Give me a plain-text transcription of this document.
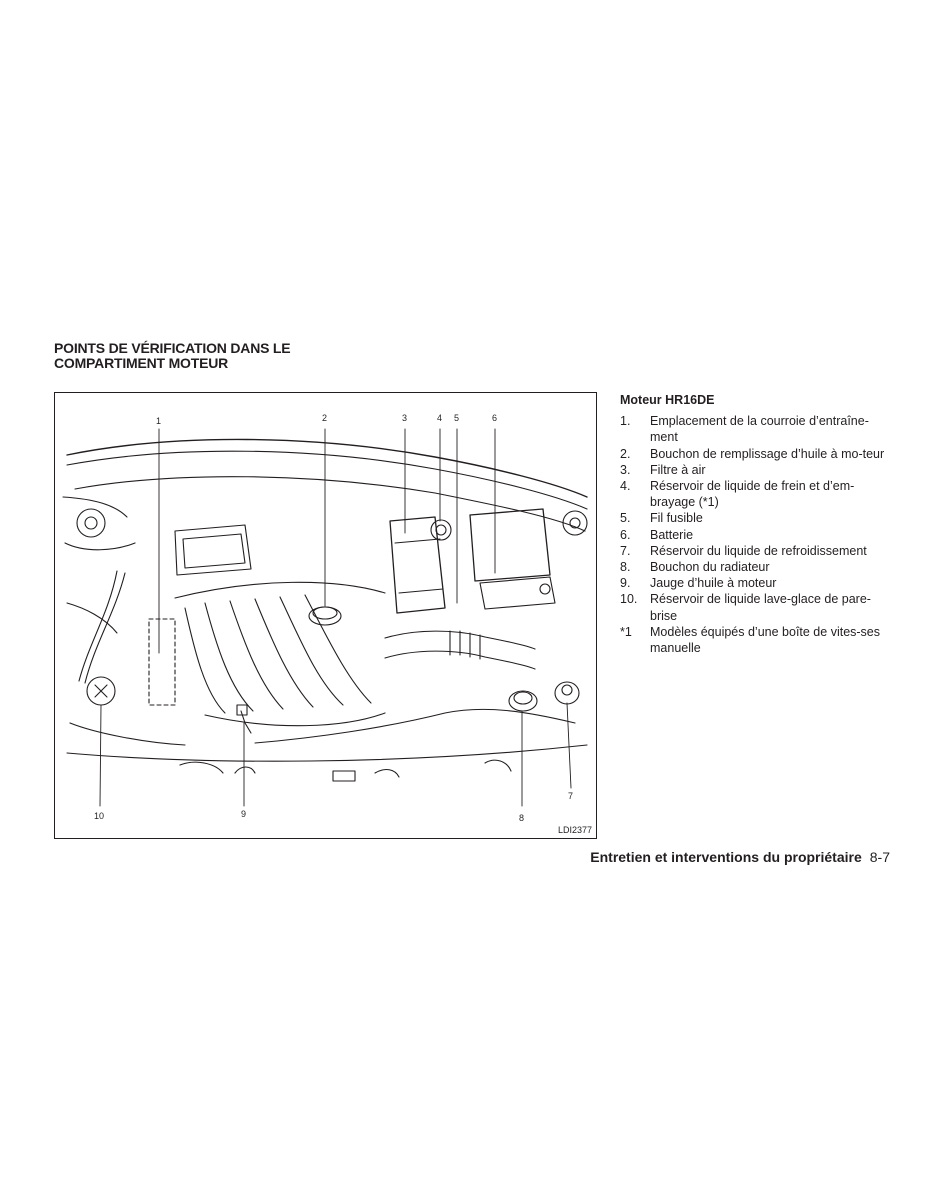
POINTS DE VÉRIFICATION DANS LE
COMPARTIMENT MOTEUR
1	2	3	4 5	6
7
8
9
10
LDI2377

Moteur HR16DE

1. Emplacement de la courroie d’entraîne-ment
2. Bouchon de remplissage d’huile à mo-teur
3. Filtre à air
4. Réservoir de liquide de frein et d’em-brayage (*1)
5. Fil fusible
6. Batterie
7. Réservoir du liquide de refroidissement
8. Bouchon du radiateur
9. Jauge d’huile à moteur
10. Réservoir de liquide lave-glace de pare-brise
*1 Modèles équipés d’une boîte de vites-ses manuelle
Entretien et interventions du propriétaire 8-7
